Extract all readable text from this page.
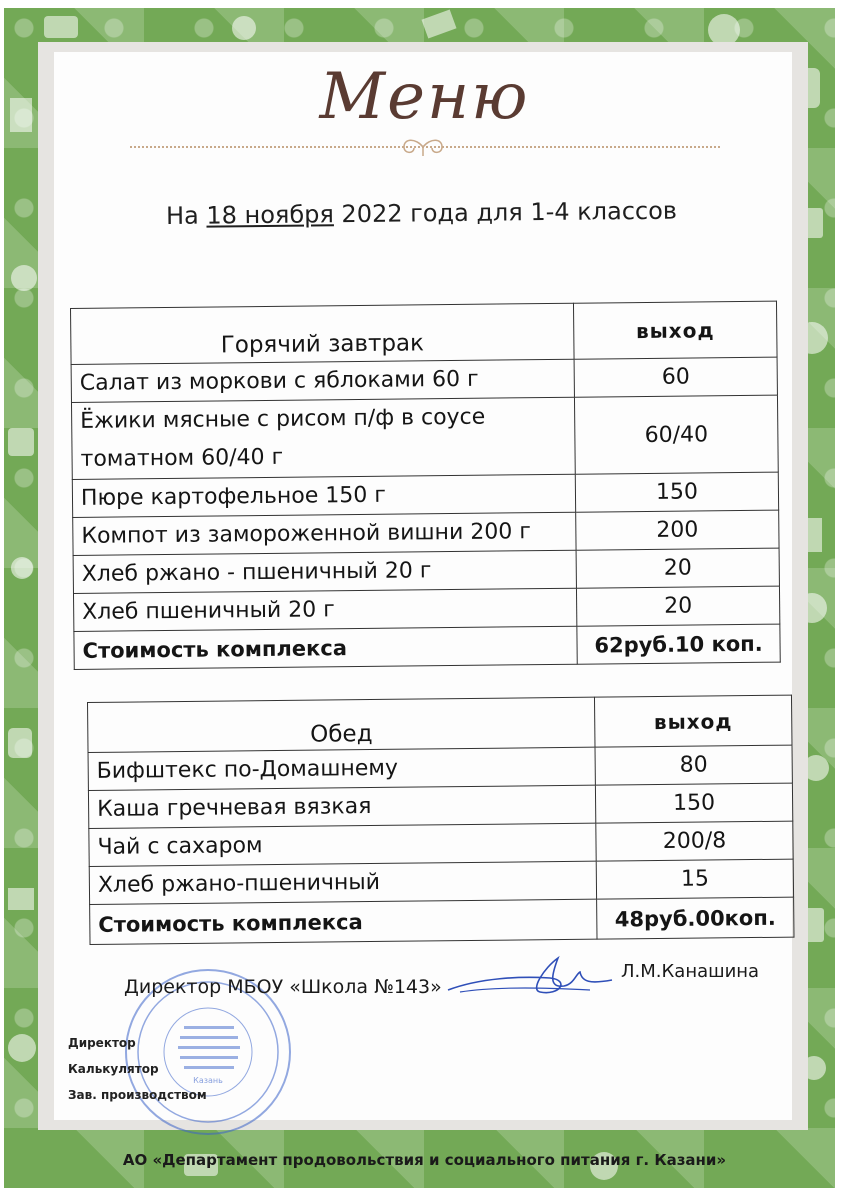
Меню
На 18 ноября 2022 года для 1-4 классов
Горячий завтрак	выход
Салат из моркови с яблоками 60 г	60
Ёжики мясные с рисом п/ф в соусе томатном 60/40 г	60/40
Пюре картофельное 150 г	150
Компот из замороженной вишни 200 г	200
Хлеб ржано - пшеничный 20 г	20
Хлеб пшеничный 20 г	20
Стоимость комплекса	62руб.10 коп.
Обед	выход
Бифштекс по-Домашнему	80
Каша гречневая вязкая	150
Чай с сахаром	200/8
Хлеб ржано-пшеничный	15
Стоимость комплекса	48руб.00коп.
Казань
Директор МБОУ «Школа №143»
Л.М.Канашина
Директор
Калькулятор
Зав. производством
АО «Департамент продовольствия и социального питания г. Казани»
